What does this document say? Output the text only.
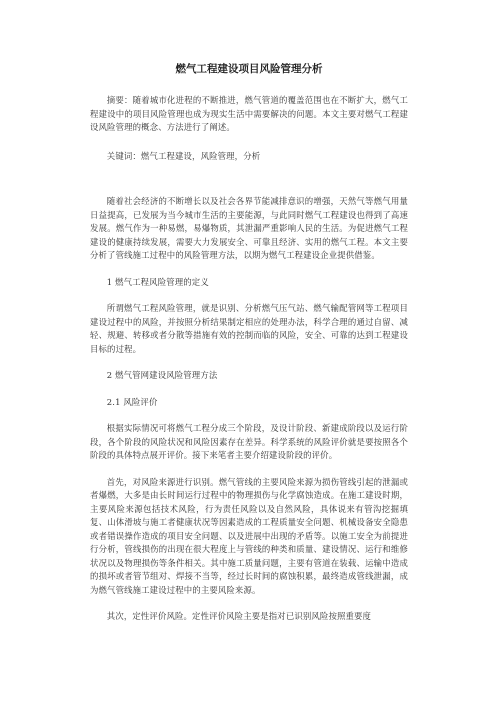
燃气工程建设项目风险管理分析

摘要：随着城市化进程的不断推进，燃气管道的覆盖范围也在不断扩大，燃气工程建设中的项目风险管理也成为现实生活中需要解决的问题。本文主要对燃气工程建设风险管理的概念、方法进行了阐述。

关键词：燃气工程建设，风险管理，分析

随着社会经济的不断增长以及社会各界节能减排意识的增强，天然气等燃气用量日益提高，已发展为当今城市生活的主要能源，与此同时燃气工程建设也得到了高速发展。燃气作为一种易燃，易爆物质，其泄漏严重影响人民的生活。为促进燃气工程建设的健康持续发展，需要大力发展安全、可靠且经济、实用的燃气工程。本文主要分析了管线施工过程中的风险管理方法，以期为燃气工程建设企业提供借鉴。

1 燃气工程风险管理的定义

所谓燃气工程风险管理，就是识别、分析燃气压气站、燃气输配管网等工程项目建设过程中的风险，并按照分析结果制定相应的处理办法，科学合理的通过自留、减轻、规避、转移或者分散等措施有效的控制而临的风险，安全、可靠的达到工程建设目标的过程。

2 燃气管网建设风险管理方法

2.1 风险评价

根据实际情况可将燃气工程分成三个阶段，及设计阶段、新建成阶段以及运行阶段，各个阶段的风险状况和风险因素存在差异。科学系统的风险评价就是要按照各个阶段的具体特点展开评价。接下来笔者主要介绍建设阶段的评价。

首先，对风险来源进行识别。燃气管线的主要风险来源为损伤管线引起的泄漏或者爆燃，大多是由长时间运行过程中的物理损伤与化学腐蚀造成。在施工建设时期，主要风险来源包括技术风险，行为责任风险以及自然风险，具体说来有管沟挖掘填复、山体滑坡与施工者健康状况等因素造成的工程质量安全问题、机械设备安全隐患或者错误操作造成的项目安全问题、以及进展中出现的矛盾等。以施工安全为前提进行分析，管线损伤的出现在很大程度上与管线的种类和质量、建设情况、运行和维修状况以及物理损伤等条件相关。其中施工质量问题，主要有管道在装载、运输中造成的损坏或者管节组对、焊接不当等，经过长时间的腐蚀积累，最终造成管线泄漏，成为燃气管线施工建设过程中的主要风险来源。

其次，定性评价风险。定性评价风险主要是指对已识别风险按照重要度
